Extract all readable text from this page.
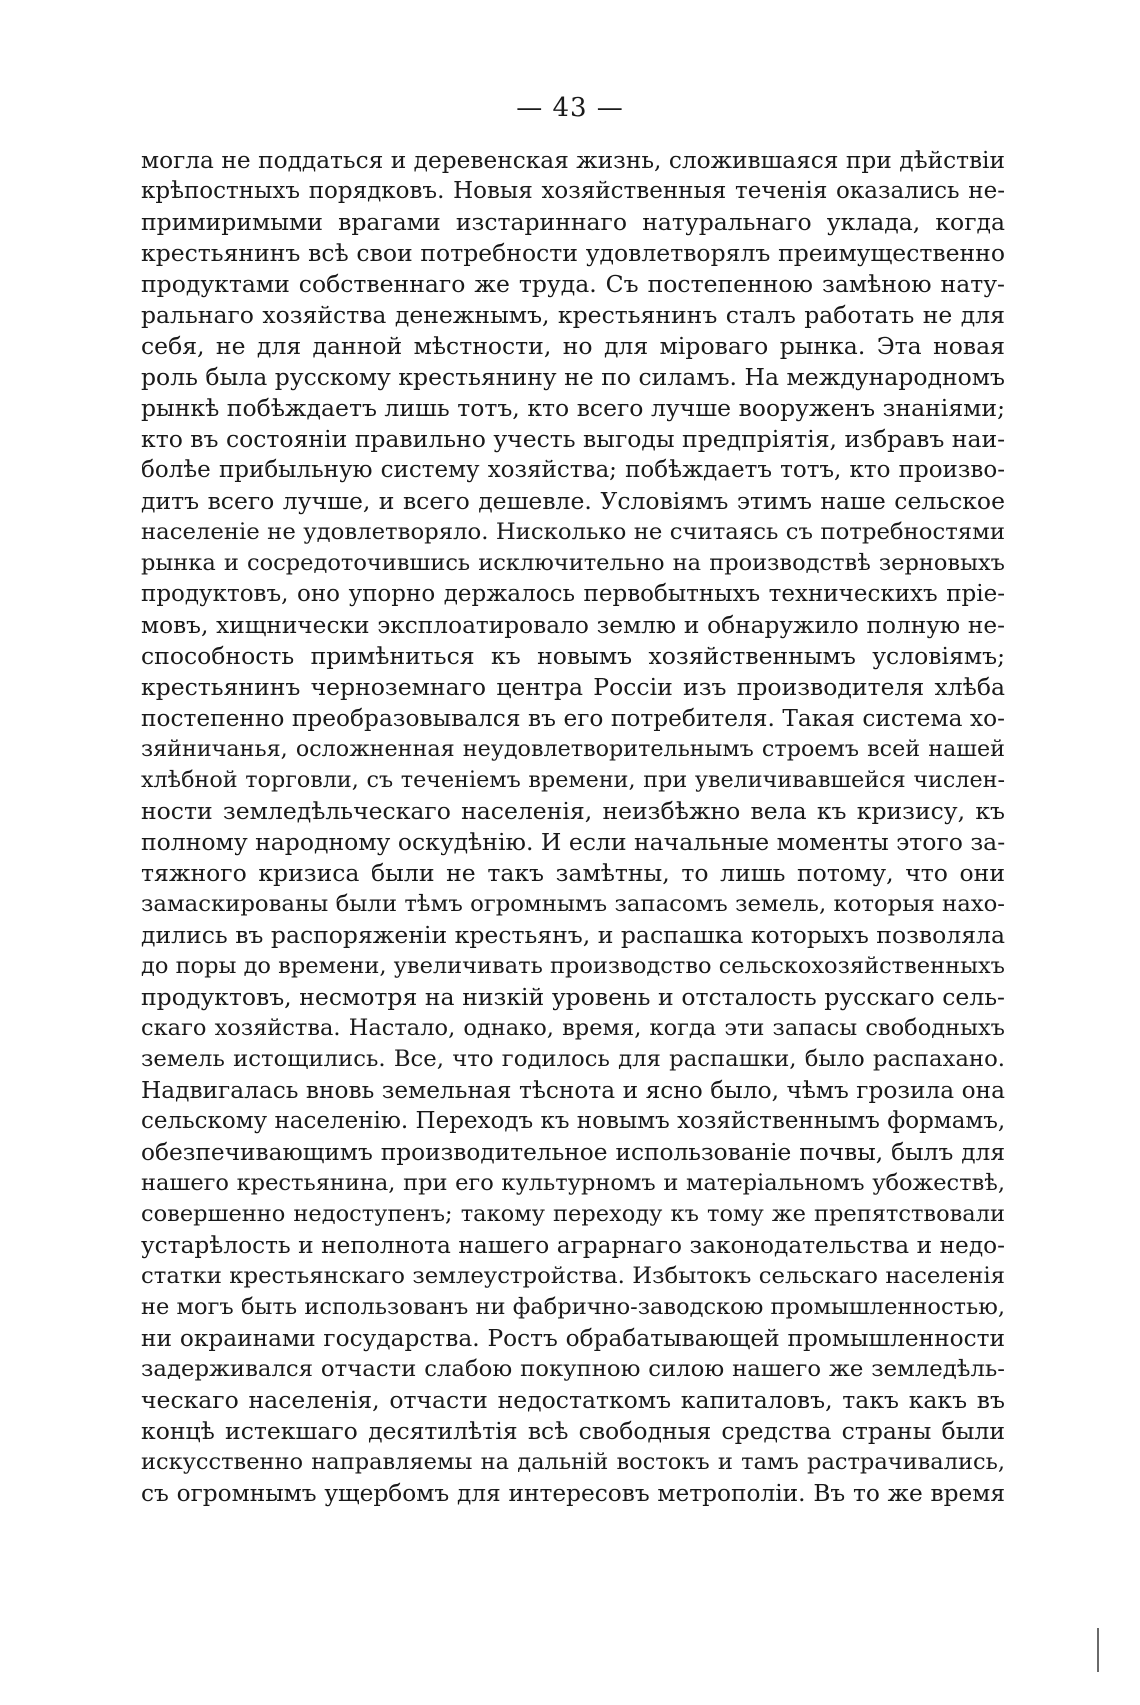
— 43 —
могла не поддаться и деревенская жизнь, сложившаяся при дѣйствіи
крѣпостныхъ порядковъ. Новыя хозяйственныя теченія оказались не-
примиримыми врагами изстариннаго натуральнаго уклада, когда
крестьянинъ всѣ свои потребности удовлетворялъ преимущественно
продуктами собственнаго же труда. Съ постепенною замѣною нату-
ральнаго хозяйства денежнымъ, крестьянинъ сталъ работать не для
себя, не для данной мѣстности, но для міроваго рынка. Эта новая
роль была русскому крестьянину не по силамъ. На международномъ
рынкѣ побѣждаетъ лишь тотъ, кто всего лучше вооруженъ знаніями;
кто въ состояніи правильно учесть выгоды предпріятія, избравъ наи-
болѣе прибыльную систему хозяйства; побѣждаетъ тотъ, кто произво-
дитъ всего лучше, и всего дешевле. Условіямъ этимъ наше сельское
населеніе не удовлетворяло. Нисколько не считаясь съ потребностями
рынка и сосредоточившись исключительно на производствѣ зерновыхъ
продуктовъ, оно упорно держалось первобытныхъ техническихъ пріе-
мовъ, хищнически эксплоатировало землю и обнаружило полную не-
способность примѣниться къ новымъ хозяйственнымъ условіямъ;
крестьянинъ черноземнаго центра Россіи изъ производителя хлѣба
постепенно преобразовывался въ его потребителя. Такая система хо-
зяйничанья, осложненная неудовлетворительнымъ строемъ всей нашей
хлѣбной торговли, съ теченіемъ времени, при увеличивавшейся числен-
ности земледѣльческаго населенія, неизбѣжно вела къ кризису, къ
полному народному оскудѣнію. И если начальные моменты этого за-
тяжного кризиса были не такъ замѣтны, то лишь потому, что они
замаскированы были тѣмъ огромнымъ запасомъ земель, которыя нахо-
дились въ распоряженіи крестьянъ, и распашка которыхъ позволяла
до поры до времени, увеличивать производство сельскохозяйственныхъ
продуктовъ, несмотря на низкій уровень и отсталость русскаго сель-
скаго хозяйства. Настало, однако, время, когда эти запасы свободныхъ
земель истощились. Все, что годилось для распашки, было распахано.
Надвигалась вновь земельная тѣснота и ясно было, чѣмъ грозила она
сельскому населенію. Переходъ къ новымъ хозяйственнымъ формамъ,
обезпечивающимъ производительное использованіе почвы, былъ для
нашего крестьянина, при его культурномъ и матеріальномъ убожествѣ,
совершенно недоступенъ; такому переходу къ тому же препятствовали
устарѣлость и неполнота нашего аграрнаго законодательства и недо-
статки крестьянскаго землеустройства. Избытокъ сельскаго населенія
не могъ быть использованъ ни фабрично-заводскою промышленностью,
ни окраинами государства. Ростъ обрабатывающей промышленности
задерживался отчасти слабою покупною силою нашего же земледѣль-
ческаго населенія, отчасти недостаткомъ капиталовъ, такъ какъ въ
концѣ истекшаго десятилѣтія всѣ свободныя средства страны были
искусственно направляемы на дальній востокъ и тамъ растрачивались,
съ огромнымъ ущербомъ для интересовъ метрополіи. Въ то же время
